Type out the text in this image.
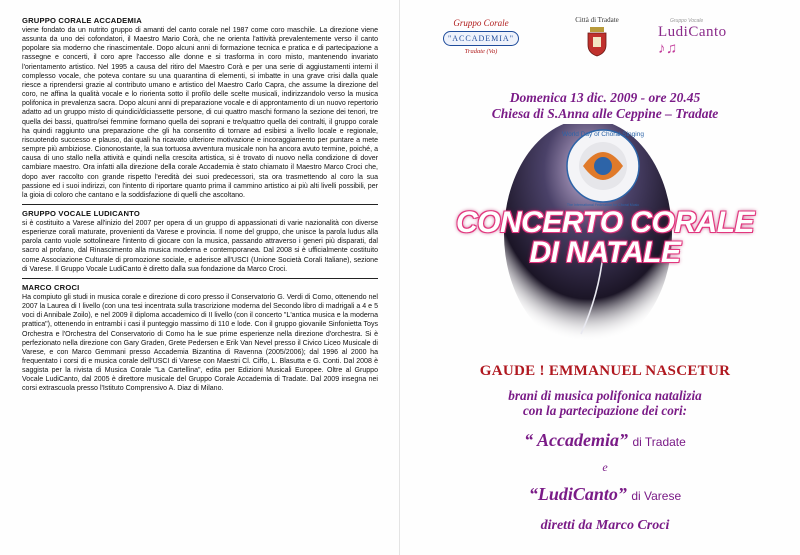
GRUPPO CORALE ACCADEMIA

viene fondato da un nutrito gruppo di amanti del canto corale nel 1987 come coro maschile. La direzione viene assunta da uno dei cofondatori, il Maestro Mario Corà, che ne orienta l'attività prevalentemente verso il canto popolare sia moderno che rinascimentale. Dopo alcuni anni di formazione tecnica e pratica e di partecipazione a rassegne e concerti, il coro apre l'accesso alle donne e si trasforma in coro misto, mantenendo invariato l'orientamento artistico. Nel 1995 a causa del ritiro del Maestro Corà e per una serie di aggiustamenti interni il complesso vocale, che poteva contare su una quarantina di elementi, si imbatte in una grave crisi dalla quale riesce a riprendersi grazie al contributo umano e artistico del Maestro Carlo Capra, che assume la direzione del coro, ne affina la qualità vocale e lo riorienta sotto il profilo delle scelte musicali, indirizzandolo verso la musica polifonica in prevalenza sacra. Dopo alcuni anni di preparazione vocale e di approntamento di un nuovo repertorio adatto ad un gruppo misto di quindici/diciassette persone, di cui quattro maschi formano la sezione dei tenori, tre quella dei bassi, quattro/sei femmine formano quella dei soprani e tre/quattro quella dei contralti, il gruppo corale ha quindi raggiunto una preparazione che gli ha consentito di tornare ad esibirsi a livello locale e regionale, riscuotendo successo e plauso, dai quali ha ricavato ulteriore motivazione e incoraggiamento per puntare a mete sempre più ambiziose. Ciononostante, la sua tortuosa avventura musicale non ha ancora avuto termine, poiché, a causa di uno stallo nella attività e quindi nella crescita artistica, si è trovato di nuovo nella condizione di dover cambiare maestro. Ora infatti alla direzione della corale Accademia è stato chiamato il Maestro Marco Croci che, dopo aver raccolto con grande rispetto l'eredità dei suoi predecessori, sta ora trasmettendo al coro la sua passione ed i suoi indirizzi, con l'intento di riportare quanto prima il cammino artistico ai più alti livelli possibili, per la gioia di coloro che cantano e la soddisfazione di quelli che ascoltano.

GRUPPO VOCALE LUDICANTO

si è costituito a Varese all'inizio del 2007 per opera di un gruppo di appassionati di varie nazionalità con diverse esperienze corali maturate, provenienti da Varese e provincia. Il nome del gruppo, che unisce la parola ludus alla parola canto vuole sottolineare l'intento di giocare con la musica, passando attraverso i generi più disparati, dal sacro al profano, dal Rinascimento alla musica moderna e contemporanea. Dal 2008 si è ufficialmente costituito come Associazione Culturale di promozione sociale, e aderisce all'USCI (Unione Società Corali Italiane), sezione di Varese. Il Gruppo Vocale LudiCanto è diretto dalla sua fondazione da Marco Croci.

MARCO CROCI

Ha compiuto gli studi in musica corale e direzione di coro presso il Conservatorio G. Verdi di Como, ottenendo nel 2007 la Laurea di I livello (con una tesi incentrata sulla trascrizione moderna del Secondo libro di madrigali a 4 e 5 voci di Annibale Zoilo), e nel 2009 il diploma accademico di II livello (con il concerto "L'antica musica e la moderna prattica"), ottenendo in entrambi i casi il punteggio massimo di 110 e lode. Con il gruppo giovanile Sinfonietta Toys Orchestra e l'Orchestra del Conservatorio di Como ha le sue prime esperienze nella direzione d'orchestra. Si è perfezionato nella direzione con Gary Graden, Grete Pedersen e Erik Van Nevel presso il Civico Liceo Musicale di Varese, e con Marco Gemmani presso Accademia Bizantina di Ravenna (2005/2006); dal 1996 al 2000 ha frequentato i corsi di e musica corale dell'USCI di Varese con Maestri Cl. Ciffo, L. Blasutta e G. Conti. Dal 2008 è saggista per la rivista di Musica Corale "La Cartellina", edita per Edizioni Musicali Europee. Oltre al Gruppo Vocale LudiCanto, dal 2005 è direttore musicale del Gruppo Corale Accademia di Tradate. Dal 2009 insegna nei corsi extrascuola presso l'Istituto Comprensivo A. Diaz di Milano.

Gruppo Corale
"ACCADEMIA"
Tradate (Va)
Città di Tradate	Gruppo Vocale
LudiCanto ♪♫
Domenica 13 dic. 2009 - ore 20.45
Chiesa di S.Anna alle Ceppine – Tradate
World Day of Choral Singing
The International Federation for Choral Music
CONCERTO CORALE
DI NATALE
GAUDE ! EMMANUEL NASCETUR
brani di musica polifonica natalizia
con la partecipazione dei cori:
“ Accademia” di Tradate
e
“LudiCanto” di Varese
diretti da Marco Croci
